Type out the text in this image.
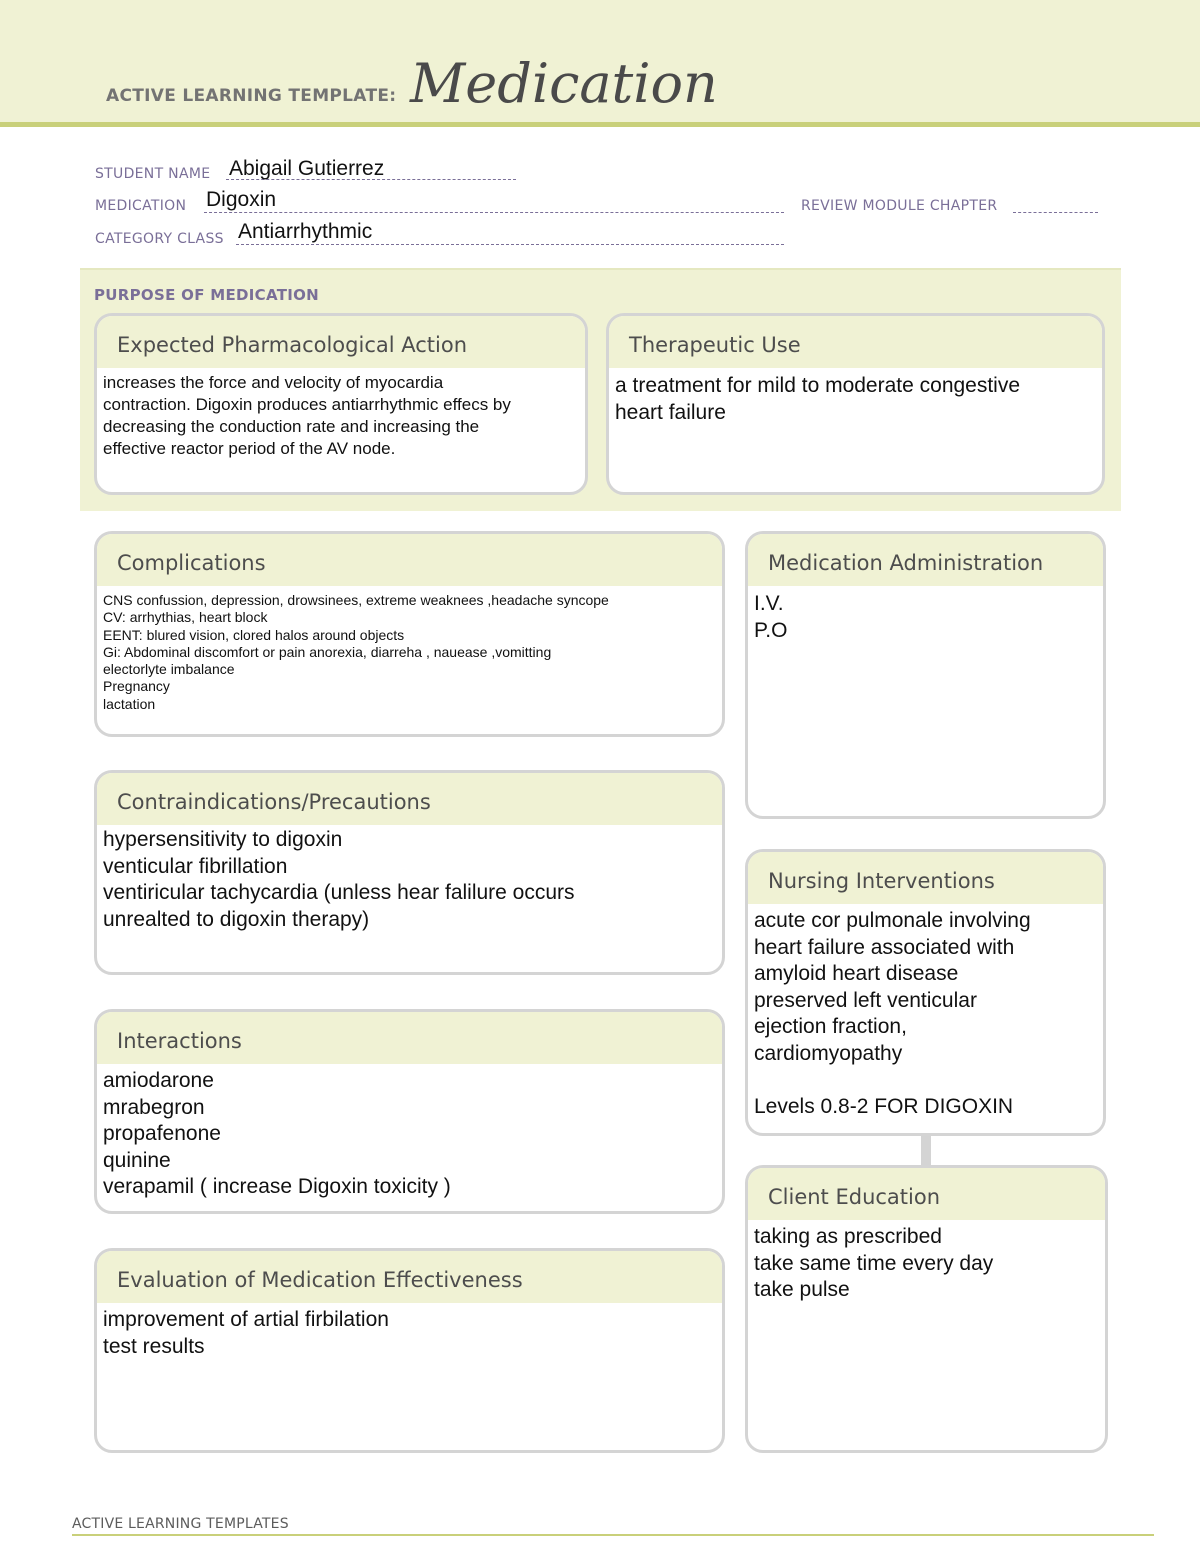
ACTIVE LEARNING TEMPLATE: Medication
STUDENT NAME Abigail Gutierrez
MEDICATION Digoxin	REVIEW MODULE CHAPTER
CATEGORY CLASS Antiarrhythmic
PURPOSE OF MEDICATION
Expected Pharmacological Action
increases the force and velocity of myocardia
contraction. Digoxin produces antiarrhythmic effecs by
decreasing the conduction rate and increasing the
effective reactor period of the AV node.
Therapeutic Use
a treatment for mild to moderate congestive
heart failure
Complications
CNS confussion, depression, drowsinees, extreme weaknees ,headache syncope
CV: arrhythias, heart block
EENT: blured vision, clored halos around objects
Gi: Abdominal discomfort or pain anorexia, diarreha , nauease ,vomitting
electorlyte imbalance
Pregnancy
lactation
Medication Administration
I.V.
P.O
Contraindications/Precautions
hypersensitivity to digoxin
venticular fibrillation
ventiricular tachycardia (unless hear falilure occurs
unrealted to digoxin therapy)
Nursing Interventions
acute cor pulmonale involving
heart failure associated with
amyloid heart disease
preserved left venticular
ejection fraction,
cardiomyopathy
Levels 0.8-2 FOR DIGOXIN
Interactions
amiodarone
mrabegron
propafenone
quinine
verapamil ( increase Digoxin toxicity )	Client Education
taking as prescribed
take same time every day
take pulse
Evaluation of Medication Effectiveness
improvement of artial firbilation
test results
ACTIVE LEARNING TEMPLATES
